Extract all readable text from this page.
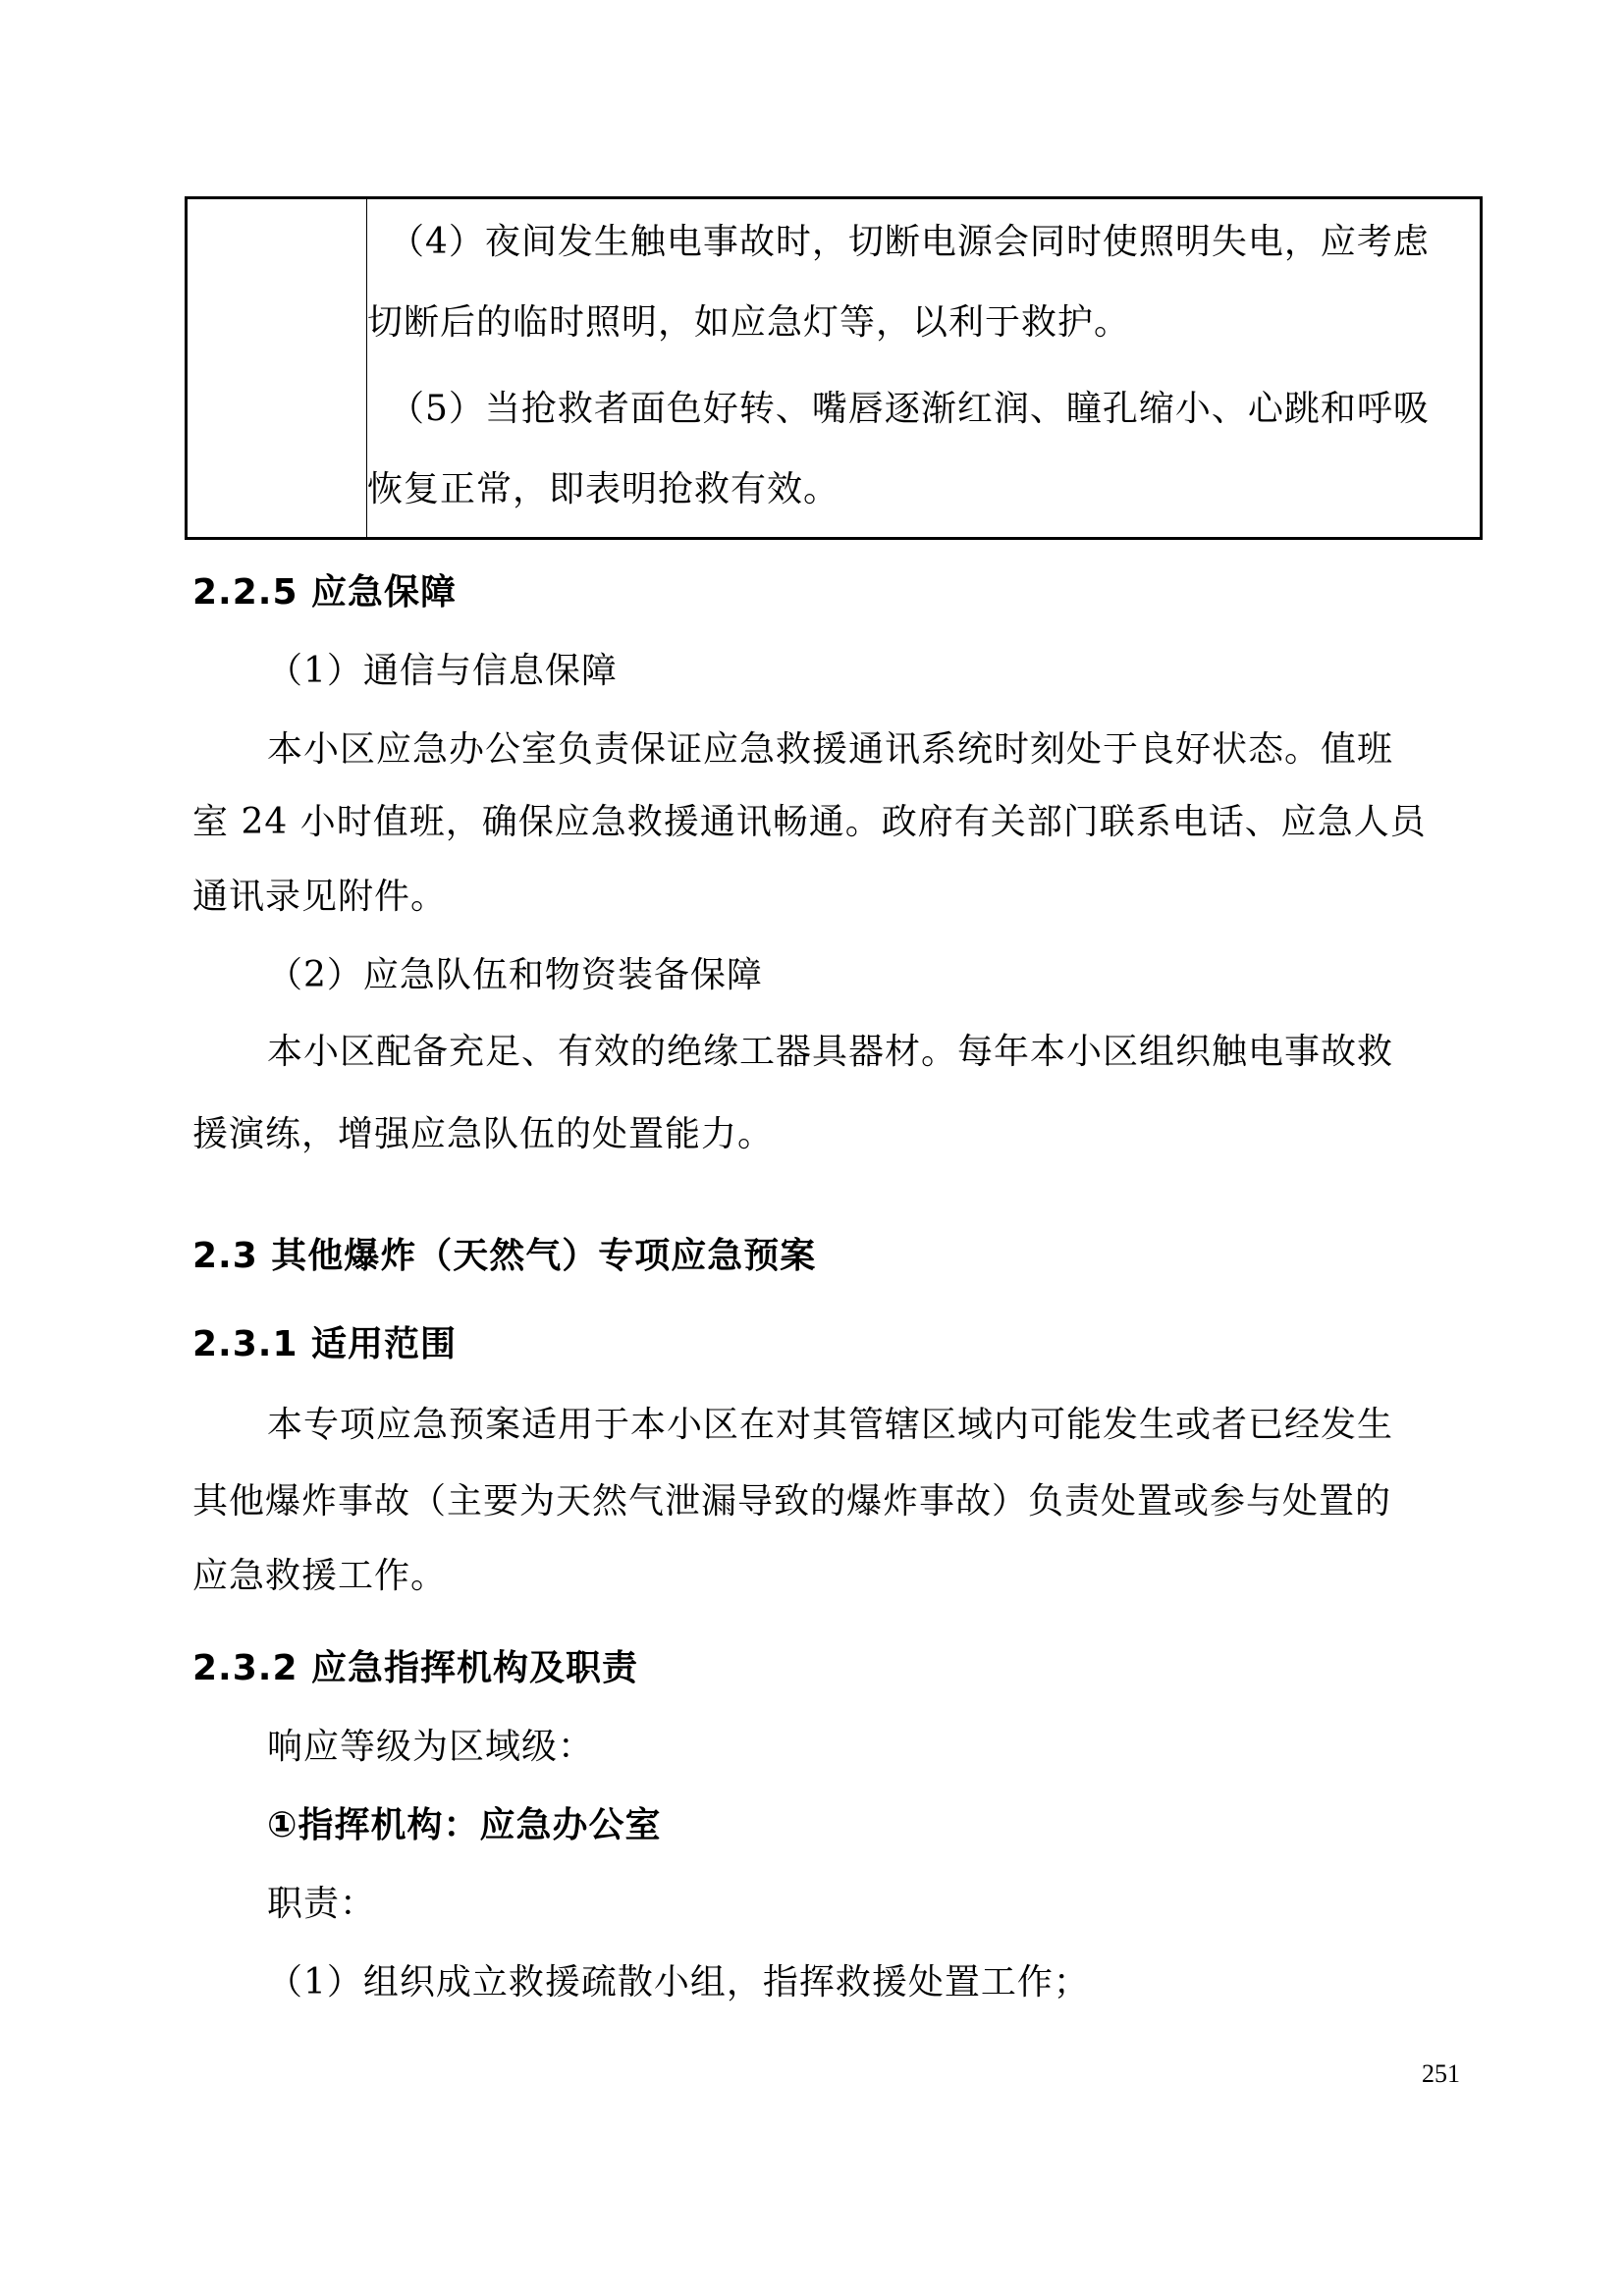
（4）夜间发生触电事故时，切断电源会同时使照明失电，应考虑
切断后的临时照明，如应急灯等，以利于救护。
（5）当抢救者面色好转、嘴唇逐渐红润、瞳孔缩小、心跳和呼吸
恢复正常，即表明抢救有效。
2.2.5 应急保障
（1）通信与信息保障
本小区应急办公室负责保证应急救援通讯系统时刻处于良好状态。值班
室 24 小时值班，确保应急救援通讯畅通。政府有关部门联系电话、应急人员
通讯录见附件。
（2）应急队伍和物资装备保障
本小区配备充足、有效的绝缘工器具器材。每年本小区组织触电事故救
援演练，增强应急队伍的处置能力。
2.3 其他爆炸（天然气）专项应急预案
2.3.1 适用范围
本专项应急预案适用于本小区在对其管辖区域内可能发生或者已经发生
其他爆炸事故（主要为天然气泄漏导致的爆炸事故）负责处置或参与处置的
应急救援工作。
2.3.2 应急指挥机构及职责
响应等级为区域级：
①指挥机构：应急办公室
职责：
（1）组织成立救援疏散小组，指挥救援处置工作；
251
